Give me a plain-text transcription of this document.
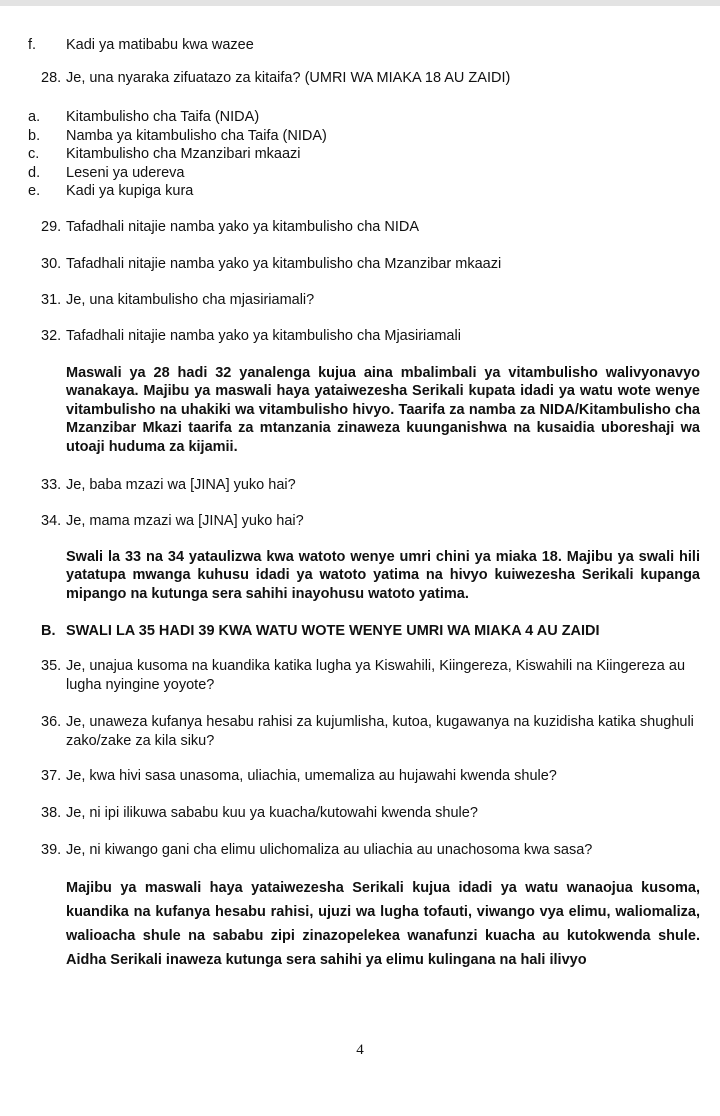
f.	Kadi ya matibabu kwa wazee
28. Je, una nyaraka zifuatazo za kitaifa? (UMRI WA MIAKA 18 AU ZAIDI)
a.	Kitambulisho cha Taifa (NIDA)
b.	Namba ya kitambulisho cha Taifa (NIDA)
c.	Kitambulisho cha Mzanzibari mkaazi
d.	Leseni ya udereva
e.	Kadi ya kupiga kura
29. Tafadhali nitajie namba yako ya kitambulisho cha NIDA
30. Tafadhali nitajie namba yako ya kitambulisho cha Mzanzibar mkaazi
31. Je, una kitambulisho cha mjasiriamali?
32. Tafadhali nitajie namba yako ya kitambulisho cha Mjasiriamali
Maswali ya 28 hadi 32 yanalenga kujua aina mbalimbali ya vitambulisho walivyonavyo wanakaya. Majibu ya maswali haya yataiwezesha Serikali kupata idadi ya watu wote wenye vitambulisho na uhakiki wa vitambulisho hivyo. Taarifa za namba za NIDA/Kitambulisho cha Mzanzibar Mkazi taarifa za mtanzania zinaweza kuunganishwa na kusaidia uboreshaji wa utoaji huduma za kijamii.
33. Je, baba mzazi wa [JINA] yuko hai?
34. Je, mama mzazi wa [JINA] yuko hai?
Swali la 33 na 34 yataulizwa kwa watoto wenye umri chini ya miaka 18. Majibu ya swali hili yatatupa mwanga kuhusu idadi ya watoto yatima na hivyo kuiwezesha Serikali kupanga mipango na kutunga sera sahihi inayohusu watoto yatima.
B. SWALI LA 35 HADI 39 KWA WATU WOTE WENYE UMRI WA MIAKA 4 AU ZAIDI
35. Je, unajua kusoma na kuandika katika lugha ya Kiswahili, Kiingereza, Kiswahili na Kiingereza au lugha nyingine yoyote?
36. Je, unaweza kufanya hesabu rahisi za kujumlisha, kutoa, kugawanya na kuzidisha katika shughuli zako/zake za kila siku?
37. Je, kwa hivi sasa unasoma, uliachia, umemaliza au hujawahi kwenda shule?
38. Je, ni ipi ilikuwa sababu kuu ya kuacha/kutowahi kwenda shule?
39. Je, ni kiwango gani cha elimu ulichomaliza au uliachia au unachosoma kwa sasa?
Majibu ya maswali haya yataiwezesha Serikali kujua idadi ya watu wanaojua kusoma, kuandika na kufanya hesabu rahisi, ujuzi wa lugha tofauti, viwango vya elimu, waliomaliza, walioacha shule na sababu zipi zinazopelekea wanafunzi kuacha au kutokwenda shule. Aidha Serikali inaweza kutunga sera sahihi ya elimu kulingana na hali ilivyo
4
